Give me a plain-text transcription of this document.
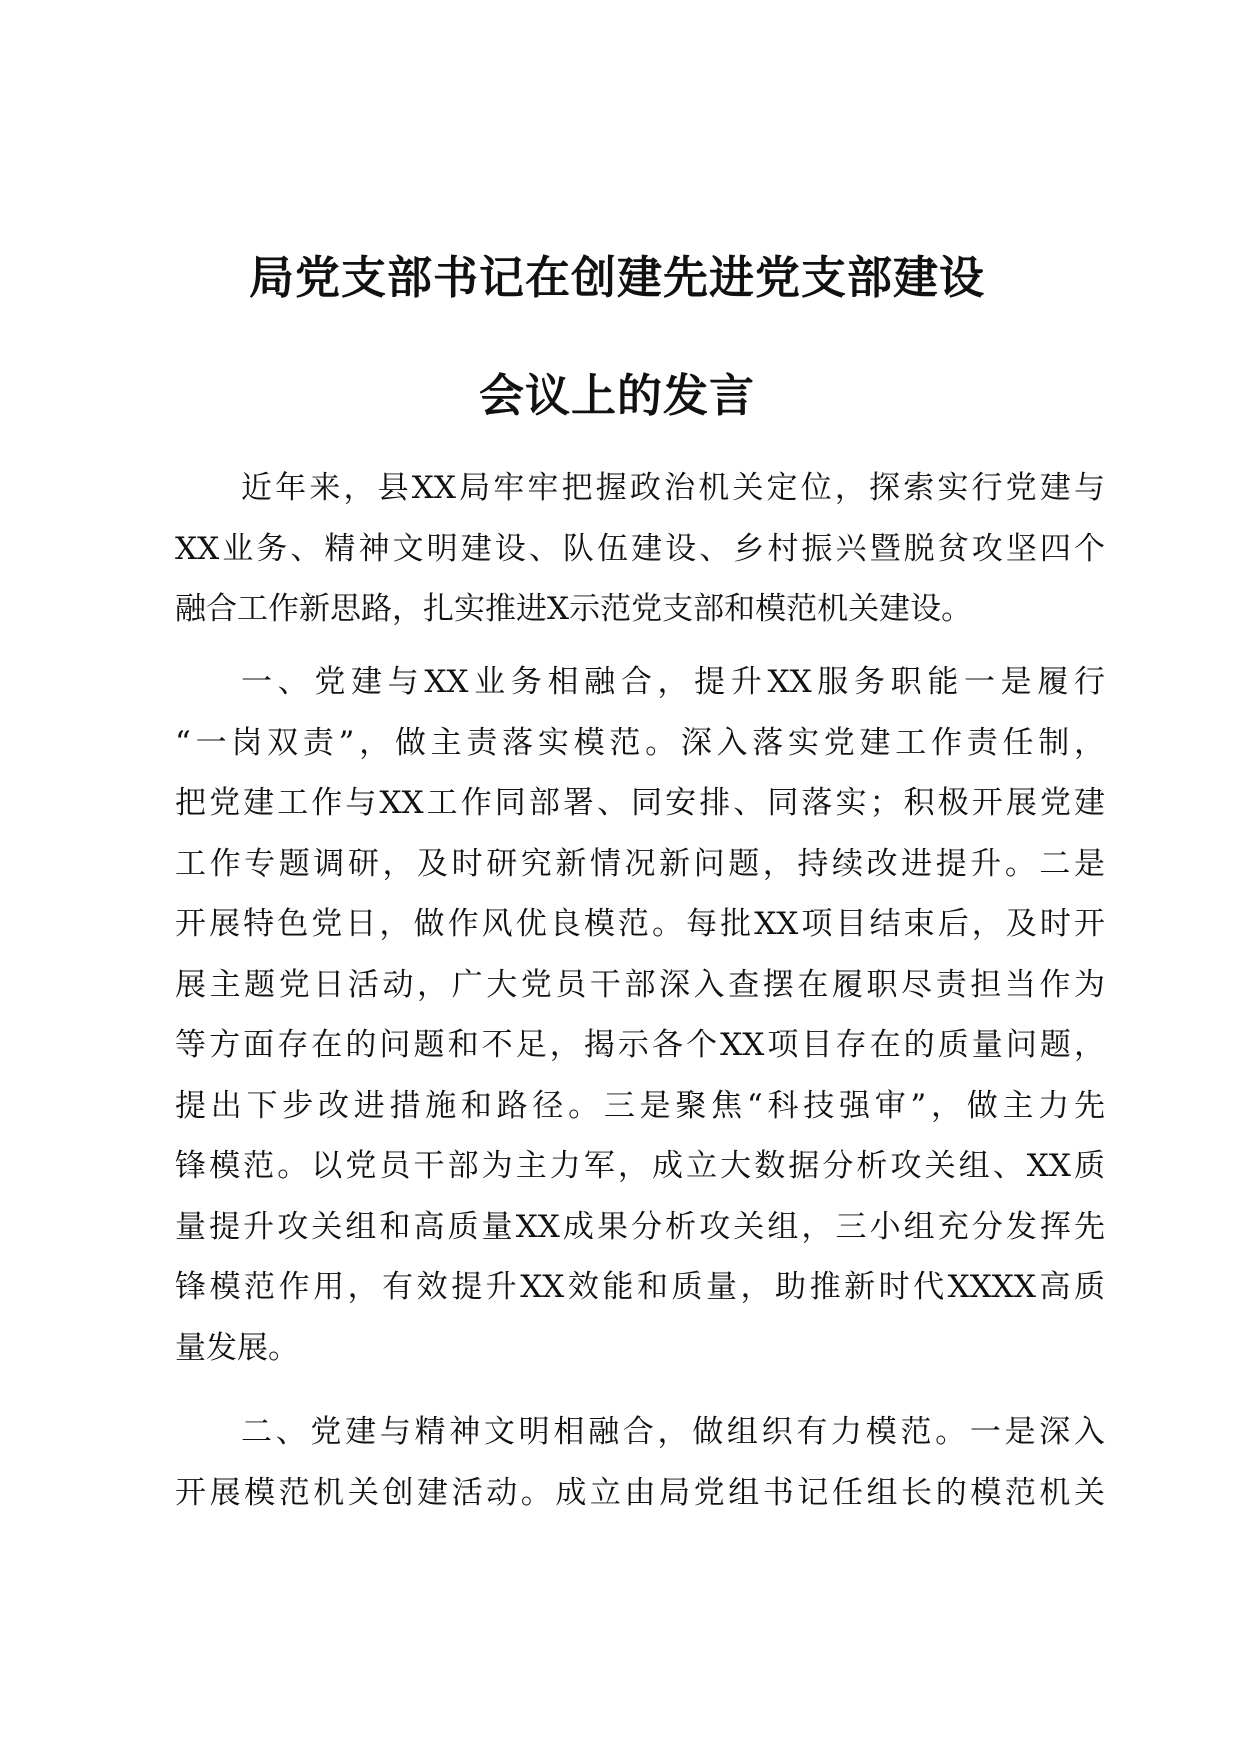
局党支部书记在创建先进党支部建设
会议上的发言
近年来，县XX局牢牢把握政治机关定位，探索实行党建与
XX业务、精神文明建设、队伍建设、乡村振兴暨脱贫攻坚四个
融合工作新思路，扎实推进X示范党支部和模范机关建设。
一、党建与XX业务相融合，提升XX服务职能一是履行
“一岗双责”，做主责落实模范。深入落实党建工作责任制，
把党建工作与XX工作同部署、同安排、同落实；积极开展党建
工作专题调研，及时研究新情况新问题，持续改进提升。二是
开展特色党日，做作风优良模范。每批XX项目结束后，及时开
展主题党日活动，广大党员干部深入查摆在履职尽责担当作为
等方面存在的问题和不足，揭示各个XX项目存在的质量问题，
提出下步改进措施和路径。三是聚焦“科技强审”，做主力先
锋模范。以党员干部为主力军，成立大数据分析攻关组、XX质
量提升攻关组和高质量XX成果分析攻关组，三小组充分发挥先
锋模范作用，有效提升XX效能和质量，助推新时代XXXX高质
量发展。
二、党建与精神文明相融合，做组织有力模范。一是深入
开展模范机关创建活动。成立由局党组书记任组长的模范机关
